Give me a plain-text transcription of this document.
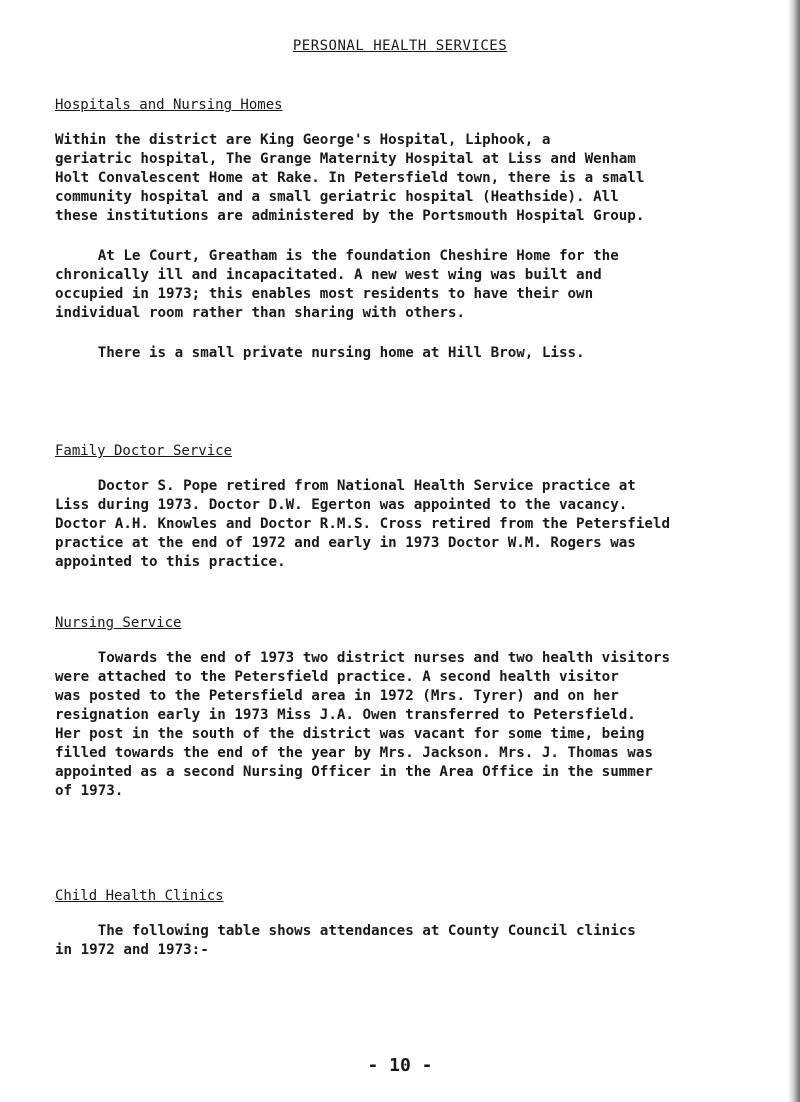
PERSONAL HEALTH SERVICES
Hospitals and Nursing Homes
Within the district are King George's Hospital, Liphook, a
geriatric hospital, The Grange Maternity Hospital at Liss and Wenham
Holt Convalescent Home at Rake. In Petersfield town, there is a small
community hospital and a small geriatric hospital (Heathside). All
these institutions are administered by the Portsmouth Hospital Group.
At Le Court, Greatham is the foundation Cheshire Home for the
chronically ill and incapacitated. A new west wing was built and
occupied in 1973; this enables most residents to have their own
individual room rather than sharing with others.
There is a small private nursing home at Hill Brow, Liss.
Family Doctor Service
Doctor S. Pope retired from National Health Service practice at
Liss during 1973. Doctor D.W. Egerton was appointed to the vacancy.
Doctor A.H. Knowles and Doctor R.M.S. Cross retired from the Petersfield
practice at the end of 1972 and early in 1973 Doctor W.M. Rogers was
appointed to this practice.
Nursing Service
Towards the end of 1973 two district nurses and two health visitors
were attached to the Petersfield practice. A second health visitor
was posted to the Petersfield area in 1972 (Mrs. Tyrer) and on her
resignation early in 1973 Miss J.A. Owen transferred to Petersfield.
Her post in the south of the district was vacant for some time, being
filled towards the end of the year by Mrs. Jackson. Mrs. J. Thomas was
appointed as a second Nursing Officer in the Area Office in the summer
of 1973.
Child Health Clinics
The following table shows attendances at County Council clinics
in 1972 and 1973:-
- 10 -
